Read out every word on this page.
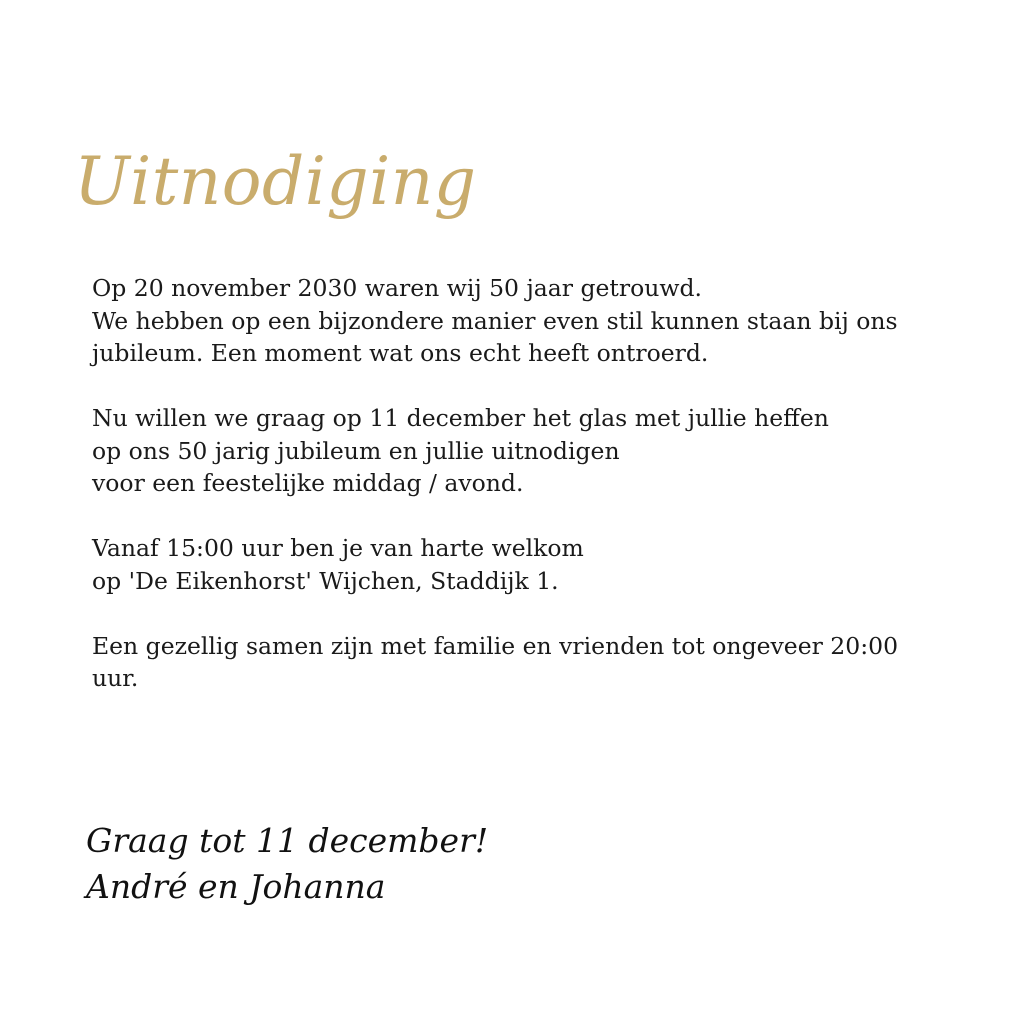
Uitnodiging

Op 20 november 2030 waren wij 50 jaar getrouwd.
We hebben op een bijzondere manier even stil kunnen staan bij ons
jubileum. Een moment wat ons echt heeft ontroerd.

Nu willen we graag op 11 december het glas met jullie heffen
op ons 50 jarig jubileum en jullie uitnodigen
voor een feestelijke middag / avond.

Vanaf 15:00 uur ben je van harte welkom
op 'De Eikenhorst' Wijchen, Staddijk 1.

Een gezellig samen zijn met familie en vrienden tot ongeveer 20:00
uur.

Graag tot 11 december!
André en Johanna
